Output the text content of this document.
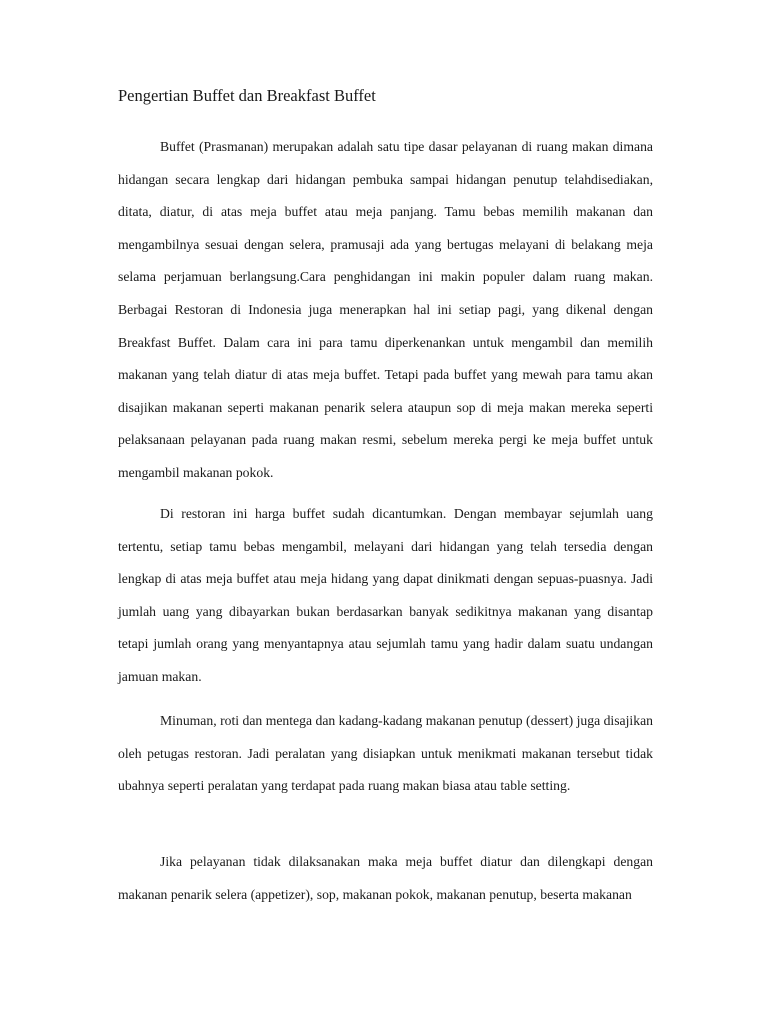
Pengertian Buffet dan Breakfast Buffet

Buffet (Prasmanan) merupakan adalah satu tipe dasar pelayanan di ruang makan dimana hidangan secara lengkap dari hidangan pembuka sampai hidangan penutup telahdisediakan, ditata, diatur, di atas meja buffet atau meja panjang. Tamu bebas memilih makanan dan mengambilnya sesuai dengan selera, pramusaji ada yang bertugas melayani di belakang meja selama perjamuan berlangsung.Cara penghidangan ini makin populer dalam ruang makan. Berbagai Restoran di Indonesia juga menerapkan hal ini setiap pagi, yang dikenal dengan Breakfast Buffet. Dalam cara ini para tamu diperkenankan untuk mengambil dan memilih makanan yang telah diatur di atas meja buffet. Tetapi pada buffet yang mewah para tamu akan disajikan makanan seperti makanan penarik selera ataupun sop di meja makan mereka seperti pelaksanaan pelayanan pada ruang makan resmi, sebelum mereka pergi ke meja buffet untuk mengambil makanan pokok.

Di restoran ini harga buffet sudah dicantumkan. Dengan membayar sejumlah uang tertentu, setiap tamu bebas mengambil, melayani dari hidangan yang telah tersedia dengan lengkap di atas meja buffet atau meja hidang yang dapat dinikmati dengan sepuas-puasnya. Jadi jumlah uang yang dibayarkan bukan berdasarkan banyak sedikitnya makanan yang disantap tetapi jumlah orang yang menyantapnya atau sejumlah tamu yang hadir dalam suatu undangan jamuan makan.

Minuman, roti dan mentega dan kadang-kadang makanan penutup (dessert) juga disajikan oleh petugas restoran. Jadi peralatan yang disiapkan untuk menikmati makanan tersebut tidak ubahnya seperti peralatan yang terdapat pada ruang makan biasa atau table setting.

Jika pelayanan tidak dilaksanakan maka meja buffet diatur dan dilengkapi dengan makanan penarik selera (appetizer), sop, makanan pokok, makanan penutup, beserta makanan
